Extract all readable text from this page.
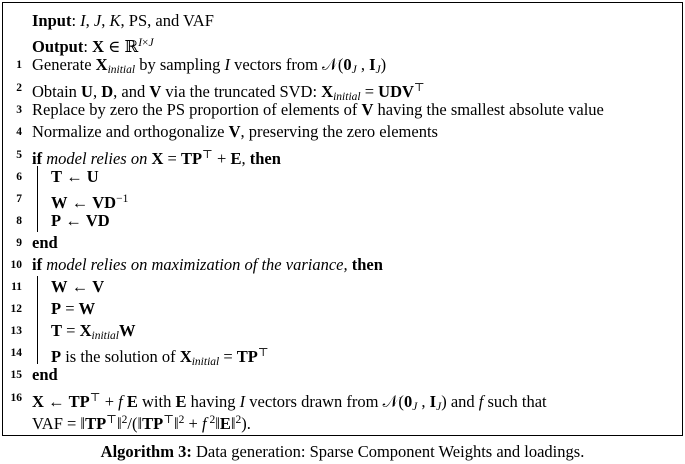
Input: I, J, K, PS, and VAF
Output: X ∈ ℝ$^{I\times J}$
1 Generate $X_{initial}$ by sampling I vectors from $𝒩(0_J$ , $I_J$)
2 Obtain U, D, and V via the truncated SVD: $X_{initial} = UDV^⊤$
3 Replace by zero the PS proportion of elements of V having the smallest absolute value
4 Normalize and orthogonalize V, preserving the zero elements
5 if model relies on X = TP⊤ + E, then
6 T ← U
7 W ← $VD^{-1}$
8 P ← VD
9 end
10 if model relies on maximization of the variance, then
11 W ← V
12 P = W
13 $T = X_{initial}W$
14 P is the solution of $X_{initial} = TP^⊤$
15 end
16 X ← TP⊤ + f E with E having I vectors drawn from $𝒩(0_J$ , $I_J$) and f such that
VAF = ‖TP⊤‖$^2$/(‖TP⊤‖$^2$ + f $^2$‖E‖$^2$).
Algorithm 3: Data generation: Sparse Component Weights and loadings.
